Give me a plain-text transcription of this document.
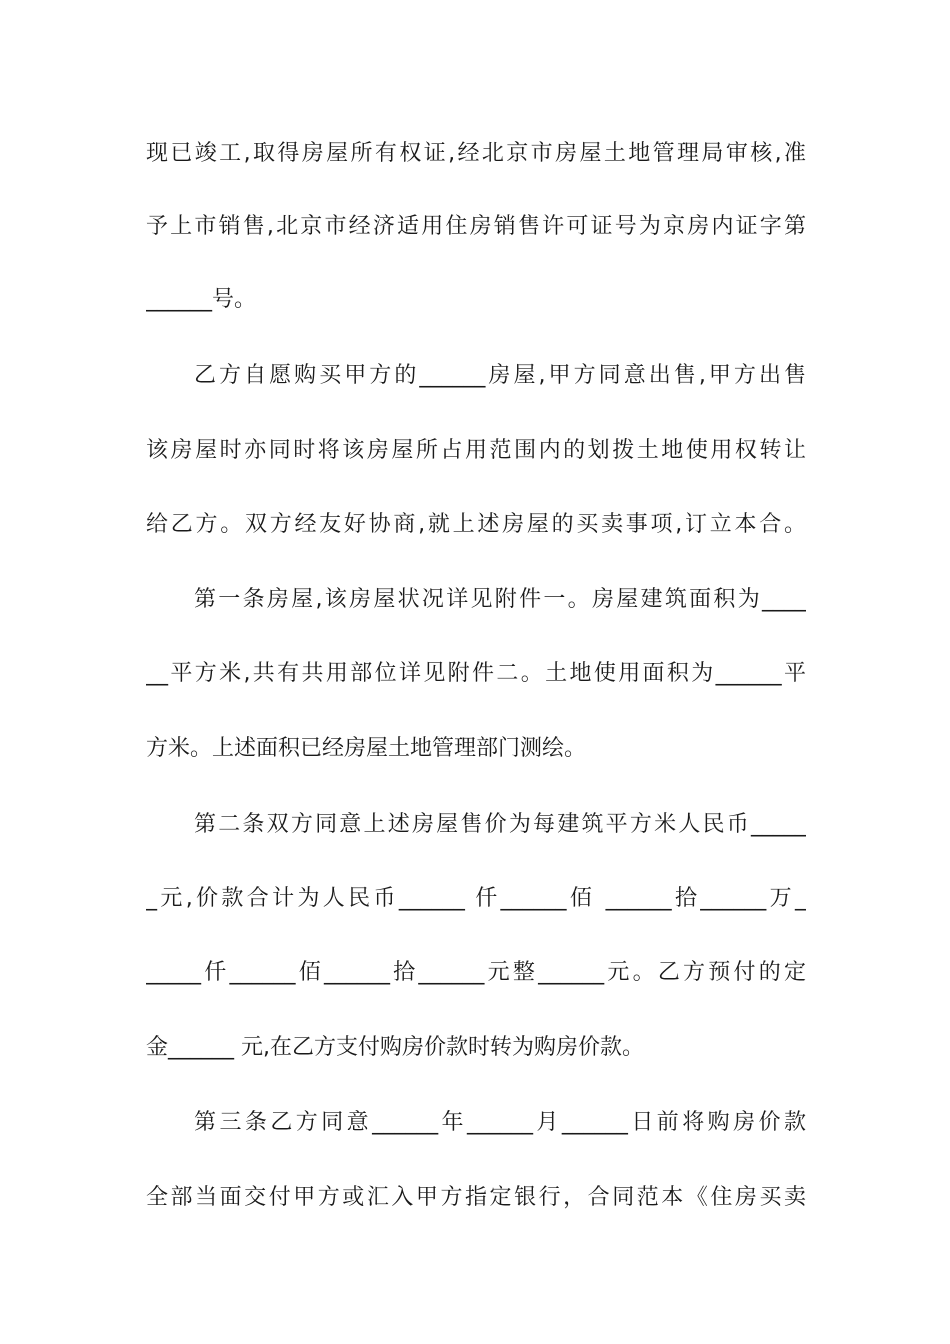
现已竣工,取得房屋所有权证,经北京市房屋土地管理局审核,准
予上市销售,北京市经济适用住房销售许可证号为京房内证字第
______号。
乙方自愿购买甲方的______房屋,甲方同意出售,甲方出售
该房屋时亦同时将该房屋所占用范围内的划拨土地使用权转让
给乙方。双方经友好协商,就上述房屋的买卖事项,订立本合。
第一条房屋,该房屋状况详见附件一。房屋建筑面积为____
__平方米,共有共用部位详见附件二。土地使用面积为______平
方米。上述面积已经房屋土地管理部门测绘。
第二条双方同意上述房屋售价为每建筑平方米人民币_____
_元,价款合计为人民币______ 仟______佰 ______拾______万_
_____仟______佰______拾______元整______元。乙方预付的定
金______ 元,在乙方支付购房价款时转为购房价款。
第三条乙方同意______年______月______日前将购房价款
全部当面交付甲方或汇入甲方指定银行，合同范本《住房买卖
